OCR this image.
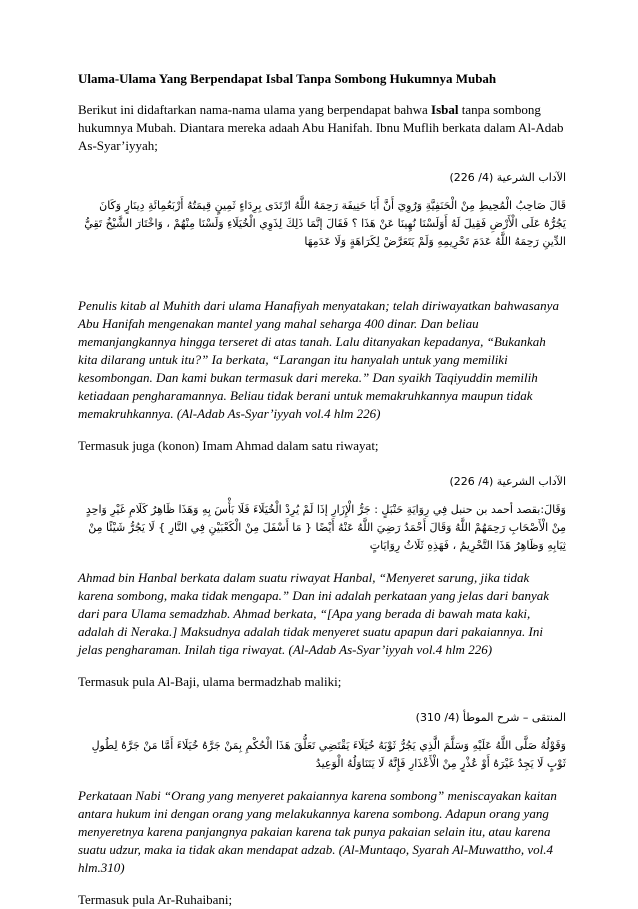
Ulama-Ulama Yang Berpendapat Isbal Tanpa Sombong Hukumnya Mubah

Berikut ini didaftarkan nama-nama ulama yang berpendapat bahwa Isbal tanpa sombong hukumnya Mubah. Diantara mereka adaah Abu Hanifah. Ibnu Muflih berkata dalam Al-Adab As-Syar’iyyah;

الآداب الشرعية (4/ 226)

قَالَ صَاحِبُ الْمُحِيطِ مِنْ الْحَنَفِيَّةِ وَرُوِيَ أَنَّ أَبَا حَنِيفَة رَحِمَهُ اللَّهُ ارْتَدَى بِرِدَاءٍ ثَمِينٍ قِيمَتُهُ أَرْبَعُمِائَةِ دِينَارٍ وَكَانَ يَجُرُّهُ عَلَى الْأَرْضِ فَقِيلَ لَهُ أَوَلَسْنَا نُهِينَا عَنْ هَذَا ؟ فَقَالَ إنَّمَا ذَلِكَ لِذَوِي الْخُيَلَاءِ وَلَسْنَا مِنْهُمْ ، وَاخْتَارَ الشَّيْخُ تَقِيُّ الدِّينِ رَحِمَهُ اللَّهُ عَدَمَ تَحْرِيمِهِ وَلَمْ يَتَعَرَّضْ لِكَرَاهَةٍ وَلَا عَدَمِهَا

Penulis kitab al Muhith dari ulama Hanafiyah menyatakan; telah diriwayatkan bahwasanya Abu Hanifah mengenakan mantel yang mahal seharga 400 dinar. Dan beliau memanjangkannya hingga terseret di atas tanah. Lalu ditanyakan kepadanya, “Bukankah kita dilarang untuk itu?” Ia berkata, “Larangan itu hanyalah untuk yang memiliki kesombongan. Dan kami bukan termasuk dari mereka.” Dan syaikh Taqiyuddin memilih ketiadaan pengharamannya. Beliau tidak berani untuk memakruhkannya maupun tidak memakruhkannya. (Al-Adab As-Syar’iyyah vol.4 hlm 226)

Termasuk juga (konon) Imam Ahmad dalam satu riwayat;

الآداب الشرعية (4/ 226)

وَقَالَ:بقصد أحمد بن حنبل فِي رِوَايَةِ حَنْبَلٍ : جَرُّ الْإِزَارِ إذَا لَمْ يُرِدْ الْخُيَلَاءَ فَلَا بَأْسَ بِهِ وَهَذَا ظَاهِرُ كَلَامِ غَيْرِ وَاحِدٍ مِنْ الْأَصْحَابِ رَحِمَهُمْ اللَّهُ وَقَالَ أَحْمَدُ رَضِيَ اللَّهُ عَنْهُ أَيْضًا { مَا أَسْفَلَ مِنْ الْكَعْبَيْنِ فِي النَّارِ } لَا يَجُرُّ شَيْئًا مِنْ ثِيَابِهِ وَظَاهِرُ هَذَا التَّحْرِيمُ ، فَهَذِهِ ثَلَاثُ رِوَايَاتٍ

Ahmad bin Hanbal berkata dalam suatu riwayat Hanbal, “Menyeret sarung, jika tidak karena sombong, maka tidak mengapa.” Dan ini adalah perkataan yang jelas dari banyak dari para Ulama semadzhab. Ahmad berkata, “[Apa yang berada di bawah mata kaki, adalah di Neraka.] Maksudnya adalah tidak menyeret suatu apapun dari pakaiannya. Ini jelas pengharaman. Inilah tiga riwayat. (Al-Adab As-Syar’iyyah vol.4 hlm 226)

Termasuk pula Al-Baji, ulama bermadzhab maliki;

المنتقى – شرح الموطأ (4/ 310)

وَقَوْلُهُ صَلَّى اللَّهُ عَلَيْهِ وَسَلَّمَ الَّذِي يَجُرُّ ثَوْبَهُ خُيَلَاءَ يَقْتَضِي تَعَلُّقَ هَذَا الْحُكْمِ بِمَنْ جَرَّهُ خُيَلَاءَ أَمَّا مَنْ جَرَّهُ لِطُولِ ثَوْبٍ لَا يَجِدُ غَيْرَهُ أَوْ عُذْرٍ مِنْ الْأَعْذَارِ فَإِنَّهُ لَا يَتَنَاوَلُهُ الْوَعِيدُ

Perkataan Nabi “Orang yang menyeret pakaiannya karena sombong” meniscayakan kaitan antara hukum ini dengan orang yang melakukannya karena sombong. Adapun orang yang menyeretnya karena panjangnya pakaian karena tak punya pakaian selain itu, atau karena suatu udzur, maka ia tidak akan mendapat adzab. (Al-Muntaqo, Syarah Al-Muwattho, vol.4 hlm.310)

Termasuk pula Ar-Ruhaibani;
